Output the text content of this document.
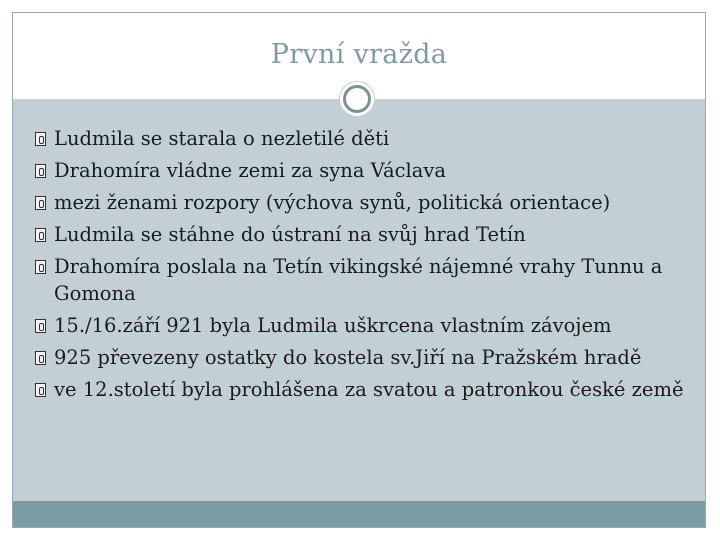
První vražda
Ludmila se starala o nezletilé děti
Drahomíra vládne zemi za syna Václava
mezi ženami rozpory (výchova synů, politická orientace)
Ludmila se stáhne do ústraní na svůj hrad Tetín
Drahomíra poslala na Tetín vikingské nájemné vrahy Tunnu a Gomona
15./16.září 921 byla Ludmila uškrcena vlastním závojem
925 převezeny ostatky do kostela sv.Jiří na Pražském hradě
ve 12.století byla prohlášena za svatou a patronkou české země
